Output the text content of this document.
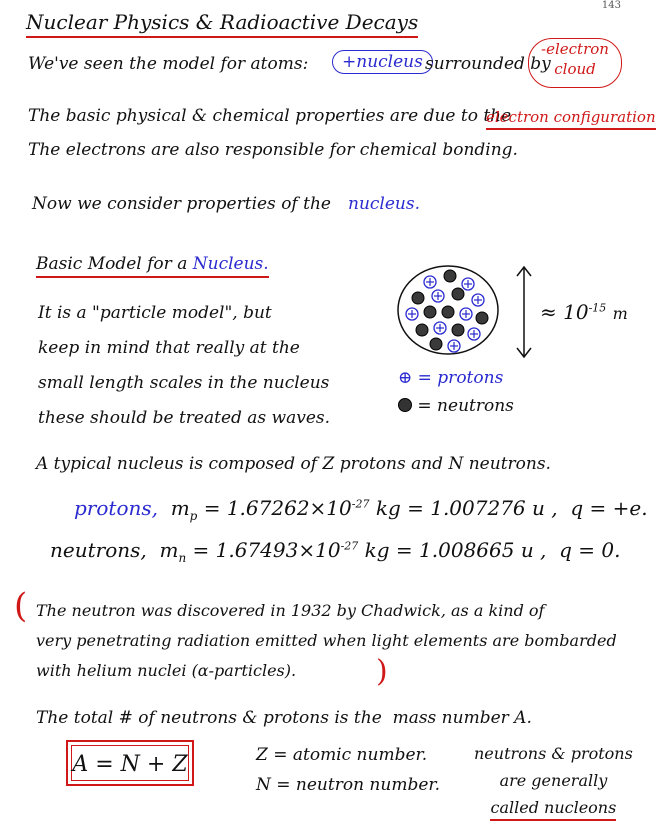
143
Nuclear Physics & Radioactive Decays
We've seen the model for atoms:	+nucleus surrounded by
-electron
cloud
The basic physical & chemical properties are due to the
electron configuration
The electrons are also responsible for chemical bonding.
Now we consider properties of the nucleus.
Basic Model for a Nucleus.
It is a "particle model", but
keep in mind that really at the
small length scales in the nucleus
these should be treated as waves.
≈ $10^{-15}$ m
⊕ = protons
= neutrons
A typical nucleus is composed of Z protons and N neutrons.
protons, $m_p = 1.67262\times 10^{-27}$ kg = 1.007276 u , q = +e.
neutrons, $m_n = 1.67493\times 10^{-27}$ kg = 1.008665 u , q = 0.
( The neutron was discovered in 1932 by Chadwick, as a kind of
very penetrating radiation emitted when light elements are bombarded
with helium nuclei (α-particles).	)
The total # of neutrons & protons is the mass number A.
A = N + Z	Z = atomic number.
N = neutron number.
neutrons & protons
are generally
called nucleons
